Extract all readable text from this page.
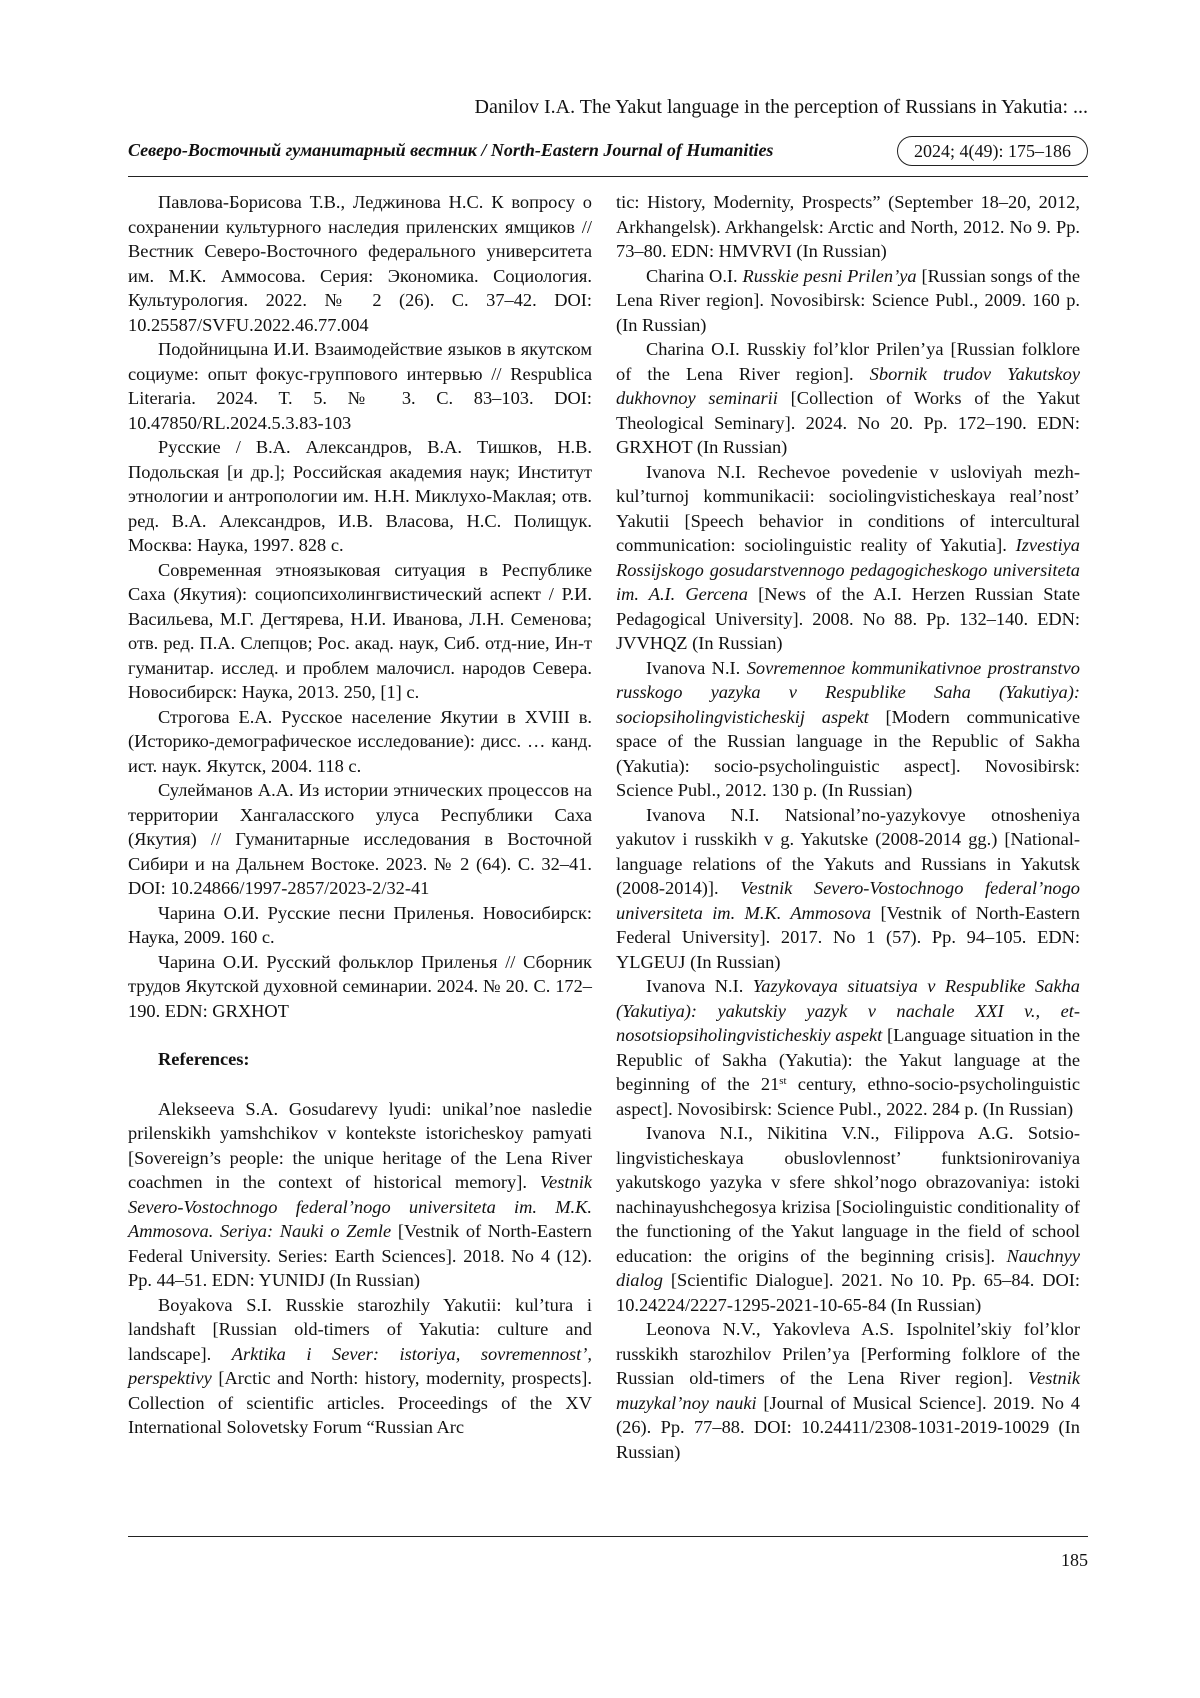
Danilov I.A. The Yakut language in the perception of Russians in Yakutia: ...
Северо-Восточный гуманитарный вестник / North-Eastern Journal of Humanities	2024; 4(49): 175–186

Павлова-Борисова Т.В., Леджинова Н.С. К вопросу о сохранении культурного наследия приленских ямщиков // Вестник Северо-Восточного федерального университета им. М.К. Аммосова. Серия: Экономика. Социология. Культурология. 2022. № 2 (26). С. 37–42. DOI: 10.25587/SVFU.2022.46.77.004

Подойницына И.И. Взаимодействие языков в якутском социуме: опыт фокус-группового интервью // Respublica Literaria. 2024. Т. 5. № 3. С. 83–103. DOI: 10.47850/RL.2024.5.3.83-103

Русские / В.А. Александров, В.А. Тишков, Н.В. Подольская [и др.]; Российская академия наук; Институт этнологии и антропологии им. Н.Н. Миклухо-Маклая; отв. ред. В.А. Александров, И.В. Власова, Н.С. Полищук. Москва: Наука, 1997. 828 с.

Современная этноязыковая ситуация в Республике Саха (Якутия): социопсихолингвистический аспект / Р.И. Васильева, М.Г. Дегтярева, Н.И. Иванова, Л.Н. Семенова; отв. ред. П.А. Слепцов; Рос. акад. наук, Сиб. отд-ние, Ин-т гуманитар. исслед. и проблем малочисл. народов Севера. Новосибирск: Наука, 2013. 250, [1] с.

Строгова Е.А. Русское население Якутии в XVIII в. (Историко-демографическое исследование): дисс. … канд. ист. наук. Якутск, 2004. 118 с.

Сулейманов А.А. Из истории этнических процессов на территории Хангаласского улуса Республики Саха (Якутия) // Гуманитарные исследования в Восточной Сибири и на Дальнем Востоке. 2023. № 2 (64). С. 32–41. DOI: 10.24866/1997-2857/2023-2/32-41

Чарина О.И. Русские песни Приленья. Новосибирск: Наука, 2009. 160 с.

Чарина О.И. Русский фольклор Приленья // Сборник трудов Якутской духовной семинарии. 2024. № 20. С. 172–190. EDN: GRXHOT

References:

Alekseeva S.A. Gosudarevy lyudi: unikal’noe nasledie prilenskikh yamshchikov v kontekste istoricheskoy pamyati [Sovereign’s people: the unique heritage of the Lena River coachmen in the context of historical memory]. Vestnik Severo-Vostochnogo federal’nogo universiteta im. M.K. Ammosova. Seriya: Nauki o Zemle [Vestnik of North-Eastern Federal University. Series: Earth Sciences]. 2018. No 4 (12). Pp. 44–51. EDN: YUNIDJ (In Russian)

Boyakova S.I. Russkie starozhily Yakutii: kul’tura i landshaft [Russian old-timers of Yakutia: culture and landscape]. Arktika i Sever: istoriya, sovremennost’, perspektivy [Arctic and North: history, modernity, prospects]. Collection of scientific articles. Proceedings of the XV International Solovetsky Forum “Russian Arc

tic: History, Modernity, Prospects” (September 18–20, 2012, Arkhangelsk). Arkhangelsk: Arctic and North, 2012. No 9. Pp. 73–80. EDN: HMVRVI (In Russian)

Charina O.I. Russkie pesni Prilen’ya [Russian songs of the Lena River region]. Novosibirsk: Science Publ., 2009. 160 p. (In Russian)

Charina O.I. Russkiy fol’klor Prilen’ya [Russian folklore of the Lena River region]. Sbornik trudov Yakutskoy dukhovnoy seminarii [Collection of Works of the Yakut Theological Seminary]. 2024. No 20. Pp. 172–190. EDN: GRXHOT (In Russian)

Ivanova N.I. Rechevoe povedenie v usloviyah mezhkul’turnoj kommunikacii: sociolingvisticheskaya real’nost’ Yakutii [Speech behavior in conditions of intercultural communication: sociolinguistic reality of Yakutia]. Izvestiya Rossijskogo gosudarstvennogo pedagogicheskogo universiteta im. A.I. Gercena [News of the A.I. Herzen Russian State Pedagogical University]. 2008. No 88. Pp. 132–140. EDN: JVVHQZ (In Russian)

Ivanova N.I. Sovremennoe kommunikativnoe prostranstvo russkogo yazyka v Respublike Saha (Yakutiya): sociopsiholingvisticheskij aspekt [Modern communicative space of the Russian language in the Republic of Sakha (Yakutia): socio-psycholinguistic aspect]. Novosibirsk: Science Publ., 2012. 130 p. (In Russian)

Ivanova N.I. Natsional’no-yazykovye otnosheniya yakutov i russkikh v g. Yakutske (2008-2014 gg.) [National-language relations of the Yakuts and Russians in Yakutsk (2008-2014)]. Vestnik Severo-Vostochnogo federal’nogo universiteta im. M.K. Ammosova [Vestnik of North-Eastern Federal University]. 2017. No 1 (57). Pp. 94–105. EDN: YLGEUJ (In Russian)

Ivanova N.I. Yazykovaya situatsiya v Respublike Sakha (Yakutiya): yakutskiy yazyk v nachale XXI v., etnosotsiopsiholingvisticheskiy aspekt [Language situation in the Republic of Sakha (Yakutia): the Yakut language at the beginning of the 21st century, ethno-socio-psycholinguistic aspect]. Novosibirsk: Science Publ., 2022. 284 p. (In Russian)

Ivanova N.I., Nikitina V.N., Filippova A.G. Sotsiolingvisticheskaya obuslovlennost’ funktsionirovaniya yakutskogo yazyka v sfere shkol’nogo obrazovaniya: istoki nachinayushchegosya krizisa [Sociolinguistic conditionality of the functioning of the Yakut language in the field of school education: the origins of the beginning crisis]. Nauchnyy dialog [Scientific Dialogue]. 2021. No 10. Pp. 65–84. DOI: 10.24224/2227-1295-2021-10-65-84 (In Russian)

Leonova N.V., Yakovleva A.S. Ispolnitel’skiy fol’klor russkikh starozhilov Prilen’ya [Performing folklore of the Russian old-timers of the Lena River region]. Vestnik muzykal’noy nauki [Journal of Musical Science]. 2019. No 4 (26). Pp. 77–88. DOI: 10.24411/2308-1031-2019-10029 (In Russian)

185
